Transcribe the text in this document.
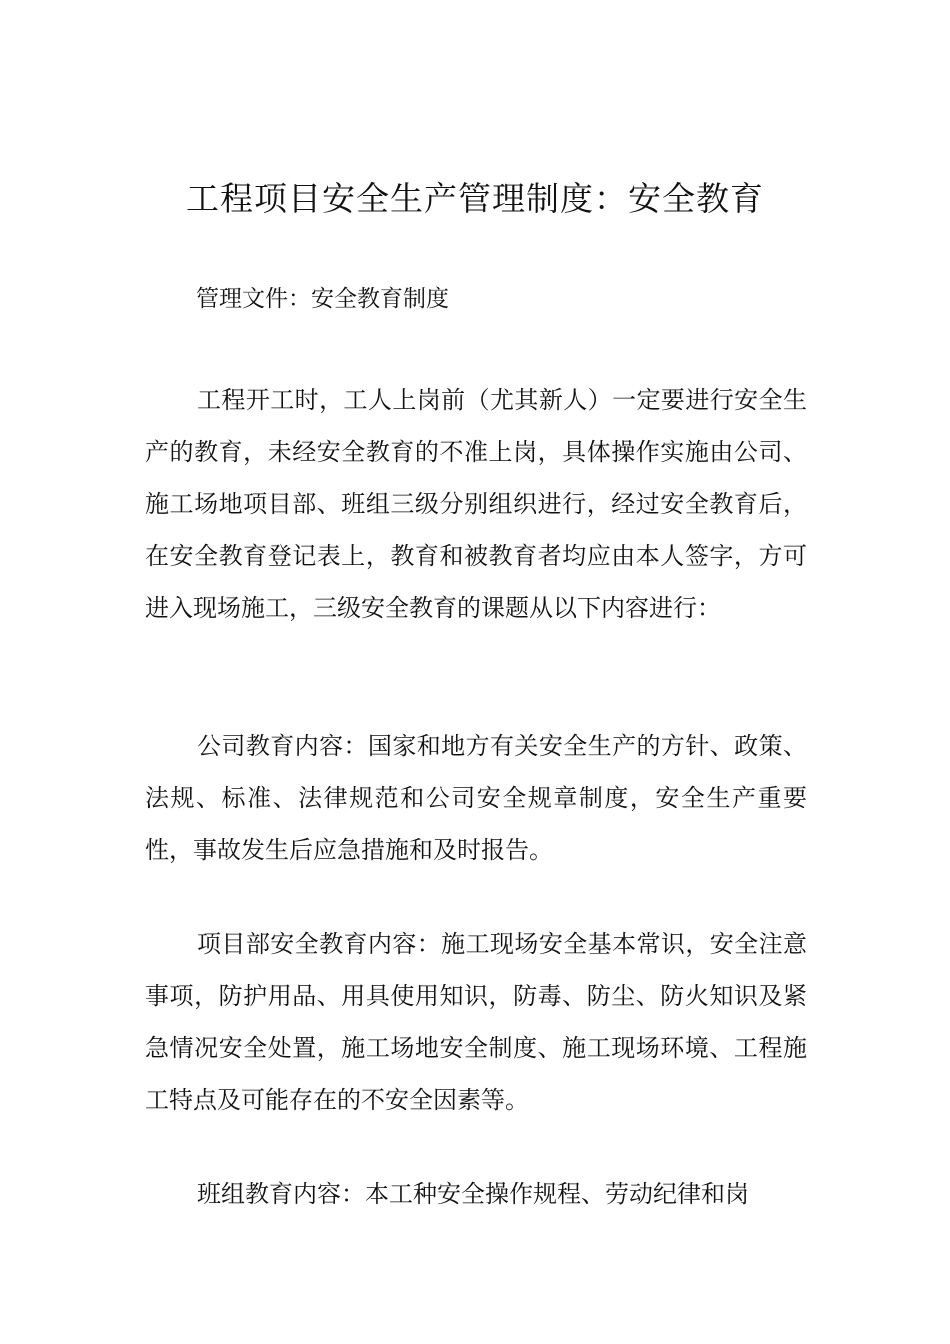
工程项目安全生产管理制度：安全教育

管理文件：安全教育制度

工程开工时，工人上岗前（尤其新人）一定要进行安全生产的教育，未经安全教育的不准上岗，具体操作实施由公司、施工场地项目部、班组三级分别组织进行，经过安全教育后，在安全教育登记表上，教育和被教育者均应由本人签字，方可进入现场施工，三级安全教育的课题从以下内容进行：

公司教育内容：国家和地方有关安全生产的方针、政策、法规、标准、法律规范和公司安全规章制度，安全生产重要性，事故发生后应急措施和及时报告。

项目部安全教育内容：施工现场安全基本常识，安全注意事项，防护用品、用具使用知识，防毒、防尘、防火知识及紧急情况安全处置，施工场地安全制度、施工现场环境、工程施工特点及可能存在的不安全因素等。

班组教育内容：本工种安全操作规程、劳动纪律和岗
